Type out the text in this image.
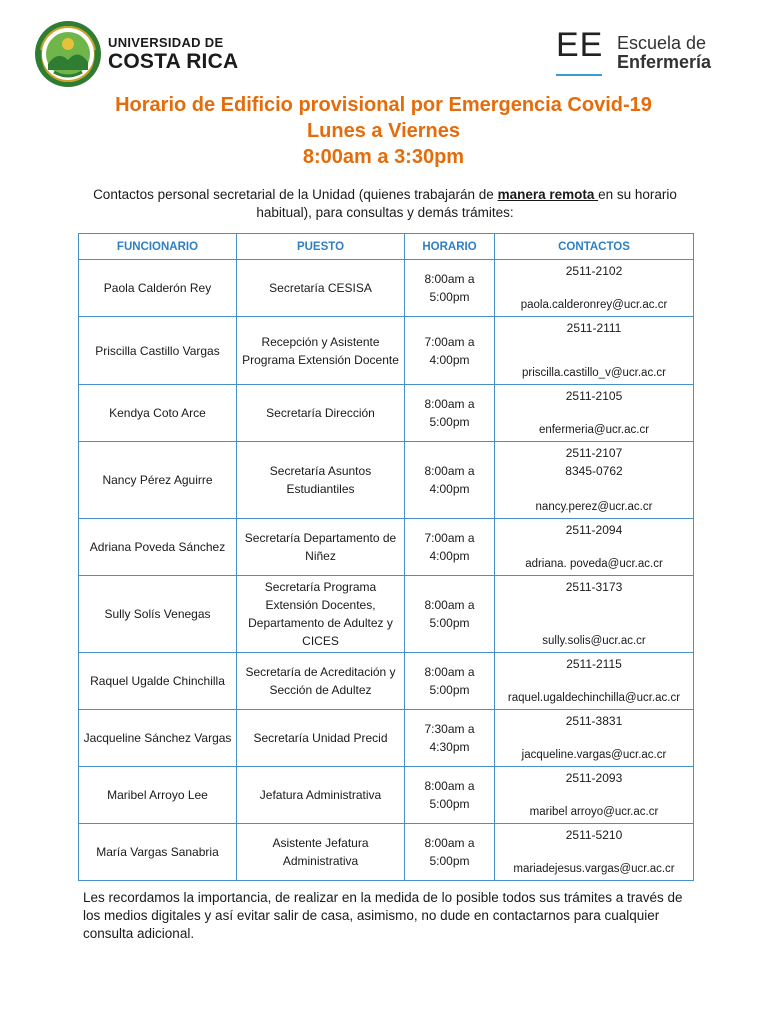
UNIVERSIDAD DE
COSTA RICA	EE Escuela de
Enfermería
Horario de Edificio provisional por Emergencia Covid-19
Lunes a Viernes
8:00am a 3:30pm
Contactos personal secretarial de la Unidad (quienes trabajarán de manera remota en su horario habitual), para consultas y demás trámites:
FUNCIONARIO	PUESTO	HORARIO	CONTACTOS
Paola Calderón Rey	Secretaría CESISA	8:00am a 5:00pm	2511-2102
paola.calderonrey@ucr.ac.cr

Priscilla Castillo Vargas	Recepción y Asistente Programa Extensión Docente	7:00am a 4:00pm	2511-2111
priscilla.castillo_v@ucr.ac.cr

Kendya Coto Arce	Secretaría Dirección	8:00am a 5:00pm	2511-2105
enfermeria@ucr.ac.cr

Nancy Pérez Aguirre	Secretaría Asuntos Estudiantiles	8:00am a 4:00pm	2511-2107
8345-0762
nancy.perez@ucr.ac.cr

Adriana Poveda Sánchez	Secretaría Departamento de Niñez	7:00am a 4:00pm	2511-2094
adriana. poveda@ucr.ac.cr

Sully Solís Venegas	Secretaría Programa Extensión Docentes, Departamento de Adultez y CICES	8:00am a 5:00pm	2511-3173
sully.solis@ucr.ac.cr

Raquel Ugalde Chinchilla	Secretaría de Acreditación y Sección de Adultez	8:00am a 5:00pm	2511-2115
raquel.ugaldechinchilla@ucr.ac.cr

Jacqueline Sánchez Vargas	Secretaría Unidad Precid	7:30am a 4:30pm	2511-3831
jacqueline.vargas@ucr.ac.cr

Maribel Arroyo Lee	Jefatura Administrativa	8:00am a 5:00pm	2511-2093
maribel arroyo@ucr.ac.cr

María Vargas Sanabria	Asistente Jefatura Administrativa	8:00am a 5:00pm	2511-5210
mariadejesus.vargas@ucr.ac.cr
Les recordamos la importancia, de realizar en la medida de lo posible todos sus trámites a través de los medios digitales y así evitar salir de casa, asimismo, no dude en contactarnos para cualquier consulta adicional.
